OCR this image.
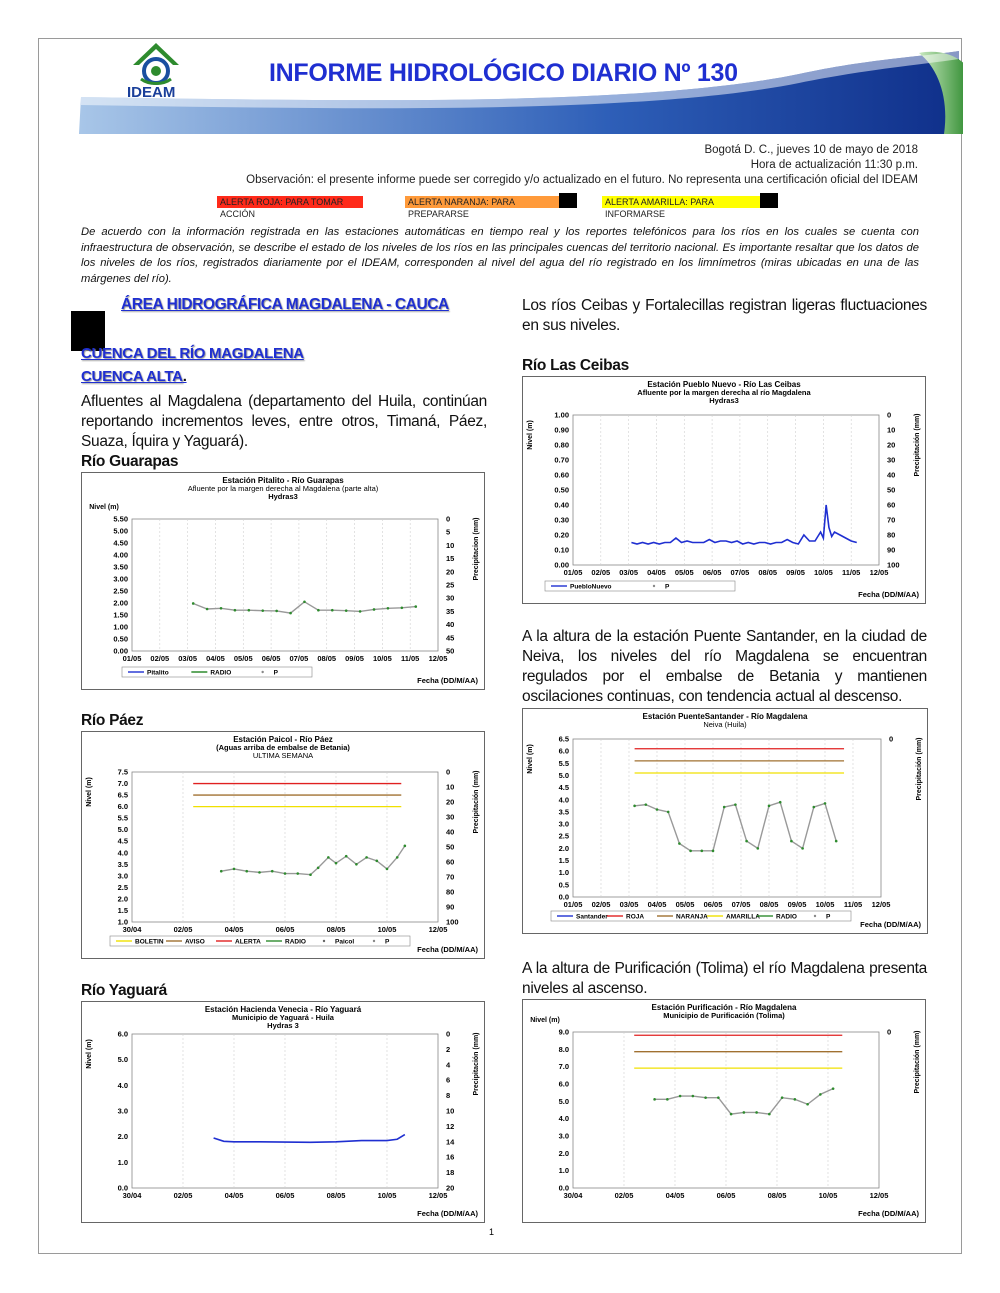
IDEAM
INFORME HIDROLÓGICO DIARIO Nº 130
Bogotá D. C., jueves 10 de mayo de 2018
Hora de actualización 11:30 p.m.
Observación: el presente informe puede ser corregido y/o actualizado en el futuro. No representa una certificación oficial del IDEAM
ALERTA ROJA: PARA TOMAR ACCIÓN
ALERTA NARANJA: PARA PREPARARSE
ALERTA AMARILLA: PARA INFORMARSE
De acuerdo con la información registrada en las estaciones automáticas en tiempo real y los reportes telefónicos para los ríos en los cuales se cuenta con infraestructura de observación, se describe el estado de los niveles de los ríos en las principales cuencas del territorio nacional. Es importante resaltar que los datos de los niveles de los ríos, registrados diariamente por el IDEAM, corresponden al nivel del agua del río registrado en los limnímetros (miras ubicadas en una de las márgenes del río).
ÁREA HIDROGRÁFICA MAGDALENA - CAUCA
CUENCA DEL RÍO MAGDALENA
CUENCA ALTA.
Afluentes al Magdalena (departamento del Huila, continúan reportando incrementos leves, entre otros, Timaná, Páez, Suaza, Íquira y Yaguará).
Río Guarapas
Estación Pitalito - Río Guarapas
Afluente por la margen derecha al Magdalena (parte alta)
Hydras3
0.00
0.50
1.00
1.50
2.00
2.50
3.00
3.50
4.00
4.50
5.00
5.50
01/05 02/05 03/05 04/05 05/05 06/05 07/05 08/05 09/05 10/05 11/05 12/05
0
5
10
15
20
25
30
35
40
45
50
Nivel (m)
Precipitacion (mm)
Fecha (DD/M/AA)
Pitalito	RADIO	P
Río Páez
Estación Paicol - Río Páez
(Aguas arriba de embalse de Betania)
ULTIMA SEMANA
1.0
1.5
2.0
2.5
3.0
3.5
4.0
4.5
5.0
5.5
6.0
6.5
7.0
7.5
30/04	02/05	04/05	06/05	08/05	10/05	12/05
0
10
20
30
40
50
60
70
80
90
100
Nivel (m)	Precipitación (mm)
Fecha (DD/M/AA)
BOLETIN	AVISO	ALERTA	RADIO	Paicol	P
Río Yaguará
Estación Hacienda Venecia - Río Yaguará
Municipio de Yaguará - Huila
Hydras 3
0.0
1.0
2.0
3.0
4.0
5.0
6.0
30/04	02/05	04/05	06/05	08/05	10/05	12/05
0
2
4
6
8
10
12
14
16
18
20
Nivel (m)	Precipitación (mm)
Fecha (DD/M/AA)
Los ríos Ceibas y Fortalecillas registran ligeras fluctuaciones en sus niveles.
Río Las Ceibas
Estación Pueblo Nuevo - Río Las Ceibas
Afluente por la margen derecha al río Magdalena
Hydras3
0.00
0.10
0.20
0.30
0.40
0.50
0.60
0.70
0.80
0.90
1.00
01/05 02/05 03/05 04/05 05/05 06/05 07/05 08/05 09/05 10/05 11/05 12/05
0
10
20
30
40
50
60
70
80
90
100
Nivel (m)	Precipitación (mm)
Fecha (DD/M/AA)
PuebloNuevo	P
A la altura de la estación Puente Santander, en la ciudad de Neiva, los niveles del río Magdalena se encuentran regulados por el embalse de Betania y mantienen oscilaciones continuas, con tendencia actual al descenso.
Estación PuenteSantander - Río Magdalena
Neiva (Huila)
0.0
0.5
1.0
1.5
2.0
2.5
3.0
3.5
4.0
4.5
5.0
5.5
6.0
6.5
01/05 02/05 03/05 04/05 05/05 06/05 07/05 08/05 09/05 10/05 11/05 12/05
0
Nivel (m)	Precipitación (mm)
Fecha (DD/M/AA)
Santander	ROJA	NARANJA	AMARILLA RADIO	P
A la altura de Purificación (Tolima) el río Magdalena presenta niveles al ascenso.
Estación Purificación - Río Magdalena
Municipio de Purificación (Tolima)
0.0
1.0
2.0
3.0
4.0
5.0
6.0
7.0
8.0
9.0
30/04	02/05	04/05	06/05	08/05	10/05	12/05
0
Nivel (m)
Precipitación (mm)
Fecha (DD/M/AA)
1
